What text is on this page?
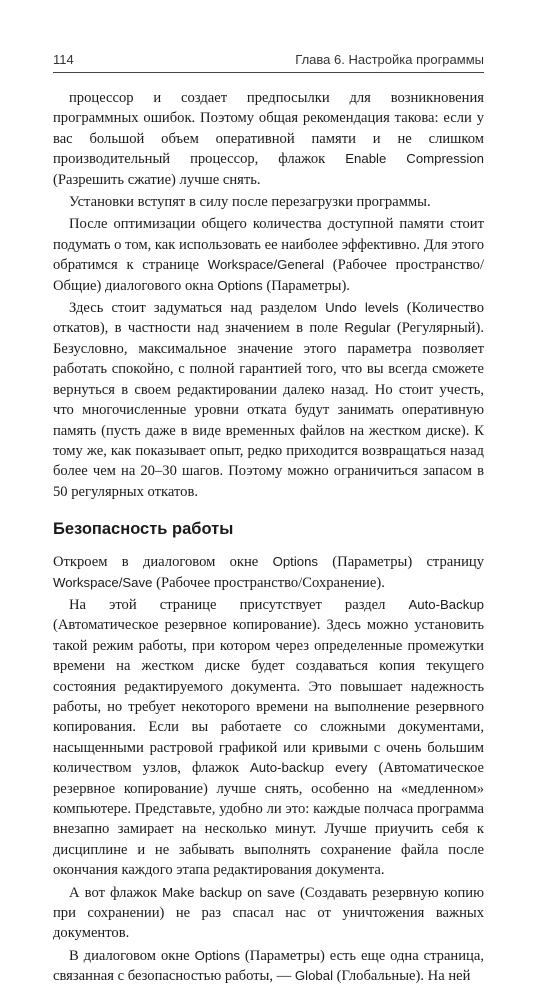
114	Глава 6. Настройка программы

процессор и создает предпосылки для возникновения программных ошибок. Поэтому общая рекомендация такова: если у вас большой объем оперативной памяти и не слишком производительный процессор, флажок Enable Compression (Разрешить сжатие) лучше снять.

Установки вступят в силу после перезагрузки программы.

После оптимизации общего количества доступной памяти стоит подумать о том, как использовать ее наиболее эффективно. Для этого обратимся к странице Workspace/General (Рабочее пространство/Общие) диалогового окна Options (Параметры).

Здесь стоит задуматься над разделом Undo levels (Количество откатов), в частности над значением в поле Regular (Регулярный). Безусловно, максимальное значение этого параметра позволяет работать спокойно, с полной гарантией того, что вы всегда сможете вернуться в своем редактировании далеко назад. Но стоит учесть, что многочисленные уровни отката будут занимать оперативную память (пусть даже в виде временных файлов на жестком диске). К тому же, как показывает опыт, редко приходится возвращаться назад более чем на 20–30 шагов. Поэтому можно ограничиться запасом в 50 регулярных откатов.

Безопасность работы

Откроем в диалоговом окне Options (Параметры) страницу Workspace/Save (Рабочее пространство/Сохранение).

На этой странице присутствует раздел Auto-Backup (Автоматическое резервное копирование). Здесь можно установить такой режим работы, при котором через определенные промежутки времени на жестком диске будет создаваться копия текущего состояния редактируемого документа. Это повышает надежность работы, но требует некоторого времени на выполнение резервного копирования. Если вы работаете со сложными документами, насыщенными растровой графикой или кривыми с очень большим количеством узлов, флажок Auto-backup every (Автоматическое резервное копирование) лучше снять, особенно на «медленном» компьютере. Представьте, удобно ли это: каждые полчаса программа внезапно замирает на несколько минут. Лучше приучить себя к дисциплине и не забывать выполнять сохранение файла после окончания каждого этапа редактирования документа.

А вот флажок Make backup on save (Создавать резервную копию при сохранении) не раз спасал нас от уничтожения важных документов.

В диалоговом окне Options (Параметры) есть еще одна страница, связанная с безопасностью работы, — Global (Глобальные). На ней
